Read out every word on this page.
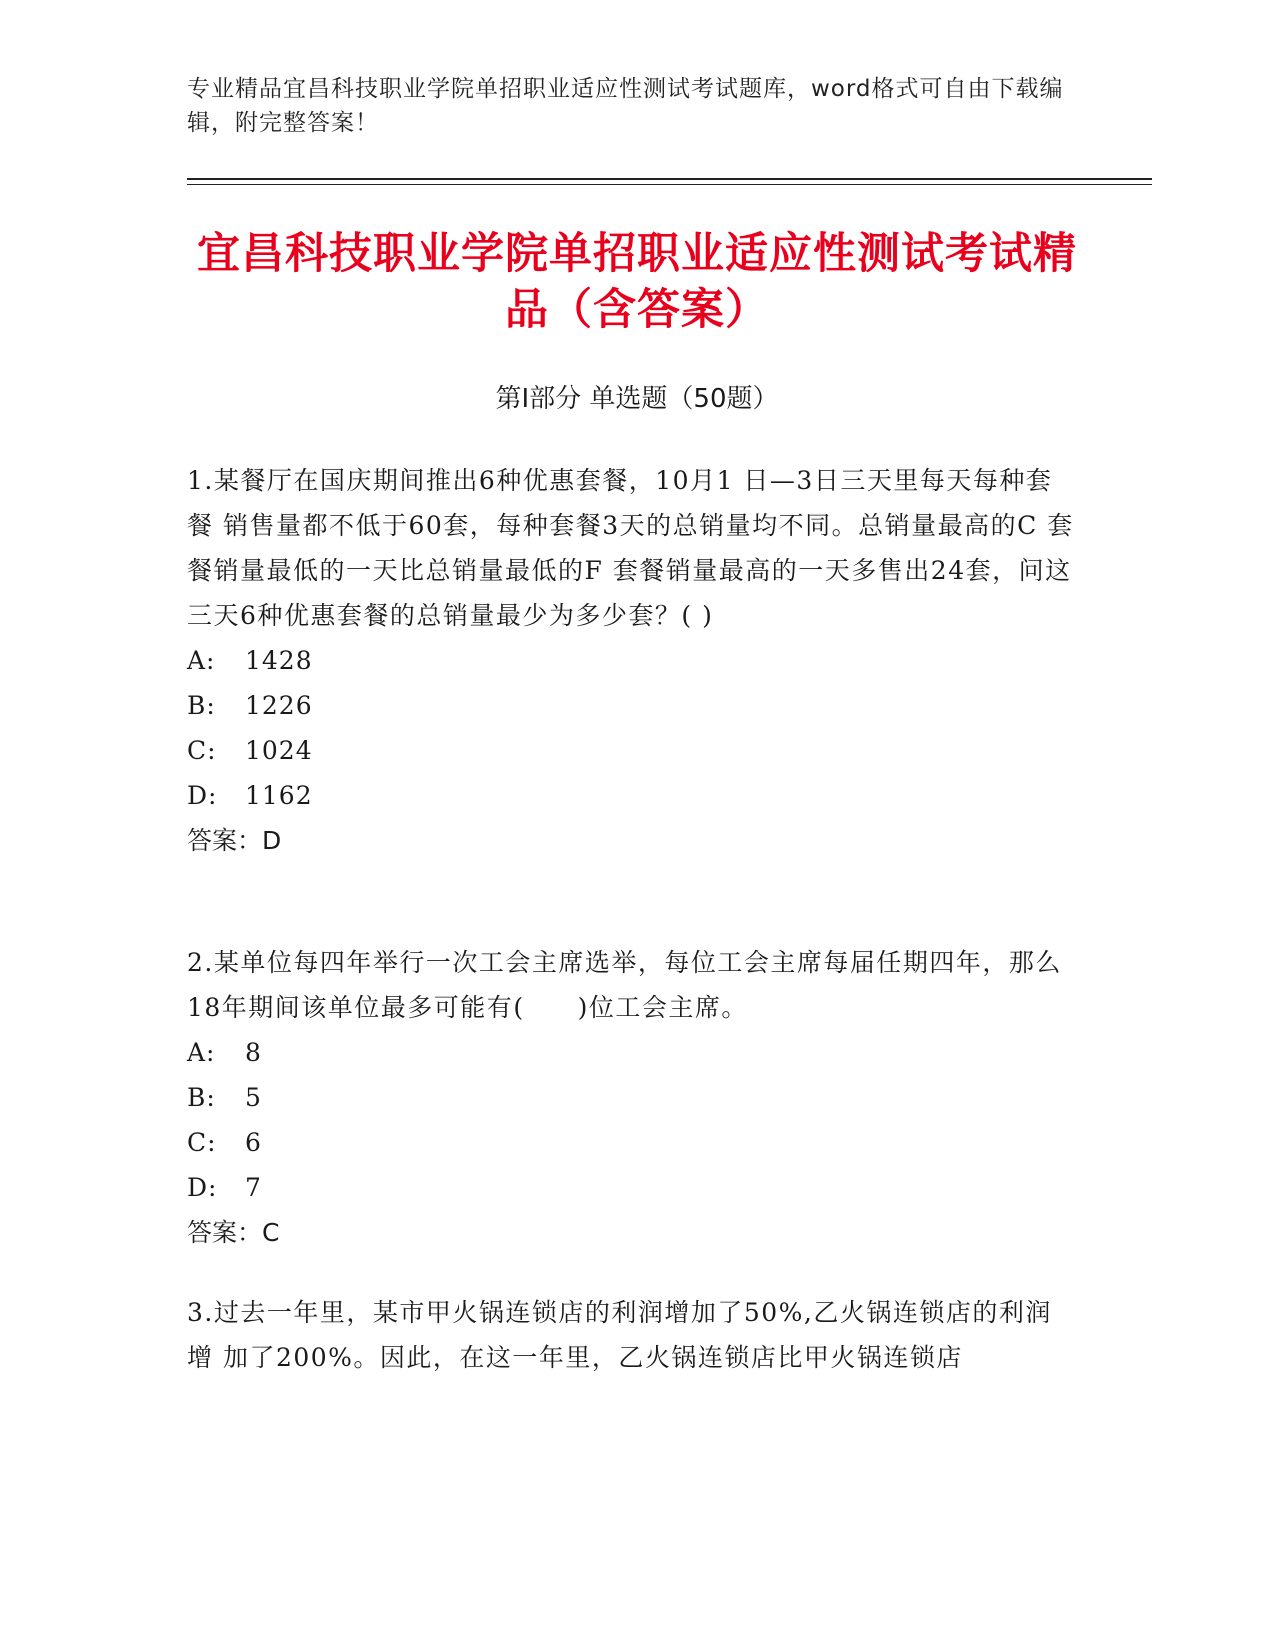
专业精品宜昌科技职业学院单招职业适应性测试考试题库，word格式可自由下载编辑，附完整答案！
宜昌科技职业学院单招职业适应性测试考试精品（含答案）
第Ⅰ部分 单选题（50题）

1.某餐厅在国庆期间推出6种优惠套餐，10月1 日—3日三天里每天每种套餐 销售量都不低于60套，每种套餐3天的总销量均不同。总销量最高的C 套餐销量最低的一天比总销量最低的F 套餐销量最高的一天多售出24套，问这三天6种优惠套餐的总销量最少为多少套？( )

A:	1428
B:	1226
C:	1024
D:	1162

答案：D

2.某单位每四年举行一次工会主席选举，每位工会主席每届任期四年，那么18年期间该单位最多可能有(　　)位工会主席。

A:	8
B:	5
C:	6
D:	7

答案：C

3.过去一年里，某市甲火锅连锁店的利润增加了50%,乙火锅连锁店的利润增 加了200%。因此，在这一年里，乙火锅连锁店比甲火锅连锁店
